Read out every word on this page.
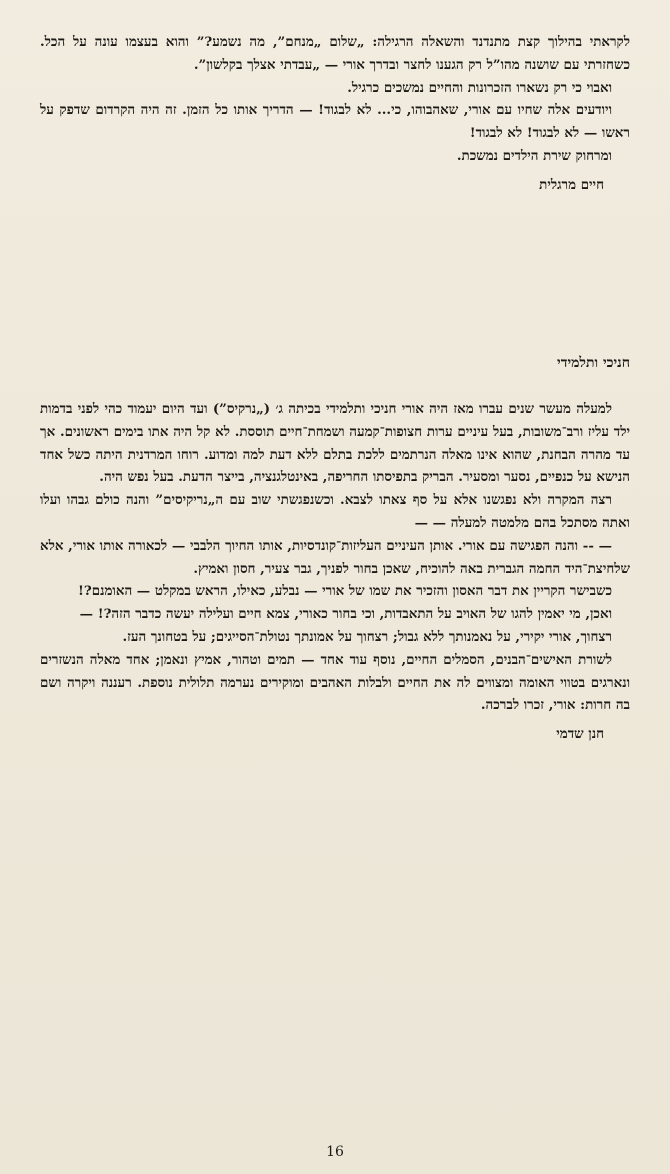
לקראתי בהילוך קצת מתנדנד והשאלה הרגילה: „שלום „מנחם”, מה נשמע?” והוא בעצמו עונה על הכל. כשחזרתי עם שושנה מהו”ל רק הגענו לחצר ובדרך אורי — „עבדתי אצלך בקלשון”.

ואבוי כי רק נשארו הזכרונות והחיים נמשכים כרגיל.

ויודעים אלה שחיו עם אורי, שאהבוהו, כי... לא לבגוד! — הדריך אותו כל הזמן. זה היה הקרדום שדפק על ראשו — לא לבגוד! לא לבגוד!

ומרחוק שירת הילדים נמשכת.

חיים מרגלית

חניכי ותלמידי

למעלה מעשר שנים עברו מאז היה אורי חניכי ותלמידי בכיתה ג׳ („נרקיס”) ועד היום יעמוד כהי לפני בדמות ילד עליז ורב־משובות, בעל עיניים ערות חצופות־קמעה ושמחת־חיים תוססת. לא קל היה אתו בימים ראשונים. אך עד מהרה הבחנת, שהוא אינו מאלה הנרתמים ללכת בתלם ללא דעת למה ומדוע. רוחו המרדנית היתה כשל אחד הנישא על כנפיים, נסער ומסעיר. הבריק בתפיסתו החריפה, באינטלגנציה, בייצר הדעת. בעל נפש היה.

רצה המקרה ולא נפגשנו אלא על סף צאתו לצבא. וכשנפגשתי שוב עם ה„נריקיסים” והנה כולם גבהו ועלו ואתה מסתכל בהם מלמטה למעלה — —

— -- והנה הפגישה עם אורי. אותן העיניים העליזות־קונדסיות, אותו החיוך הלבבי — לכאורה אותו אורי, אלא שלחיצת־היד החמה הגברית באה להוכיח, שאכן בחור לפניך, גבר צעיר, חסון ואמיץ.

כשבישר הקריין את דבר האסון והזכיר את שמו של אורי — נבלע, כאילו, הראש במקלט — האומנם?!

ואכן, מי יאמין להגו של האויב על התאבדות, וכי בחור כאורי, צמא חיים ועלילה יעשה כדבר הזה?! —

רצחוך, אורי יקירי, על נאמנותך ללא גבול; רצחוך על אמונתך נטולת־הסייגים; על בטחונך העז.

לשורת האישים־הבנים, הסמלים החיים, נוסף עוד אחד — תמים וטהור, אמיץ ונאמן; אחד מאלה הנשזרים ונארגים בטווי האומה ומצווים לה את החיים ולבלות האהבים ומוקירים נערמה תלולית נוספת. רעננה ויקרה ושם בה חרות: אורי, זכרו לברכה.

חנן שדמי

16
